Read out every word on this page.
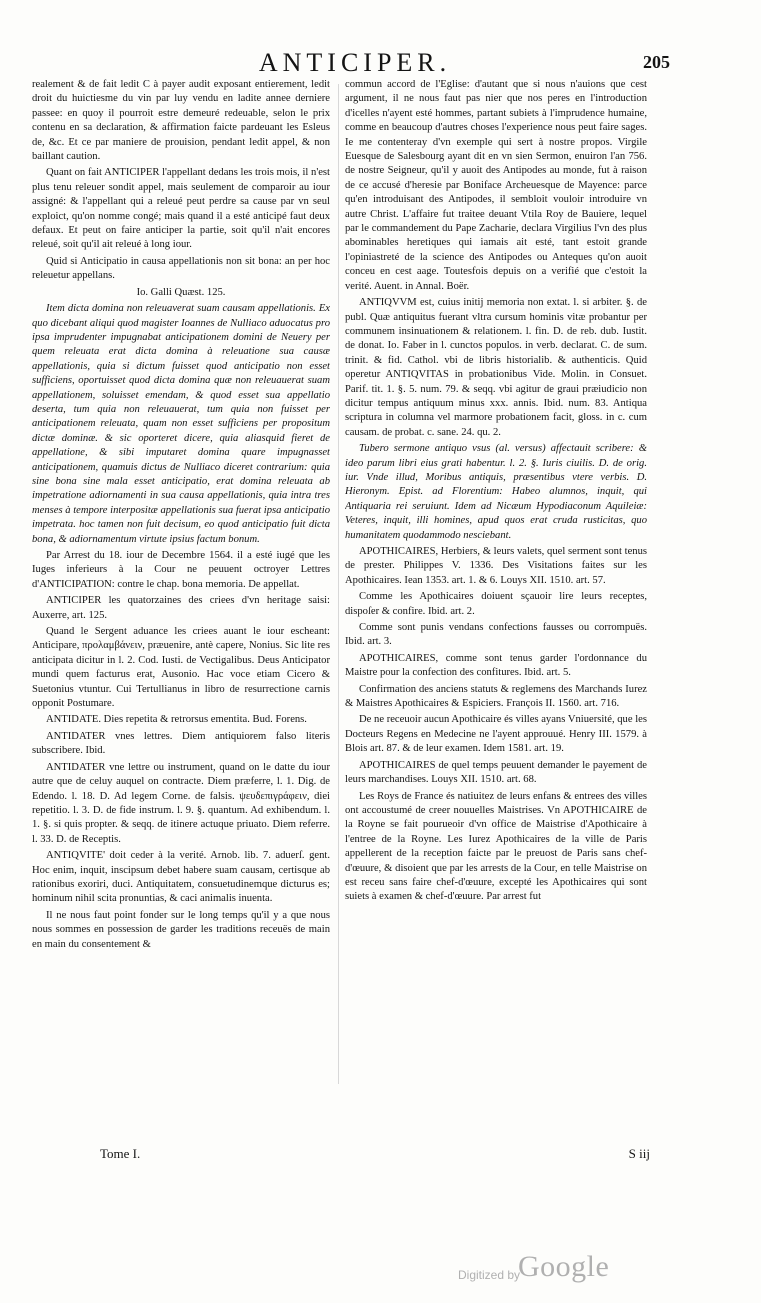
ANTICIPER.	205

realement & de fait ledit C à payer audit exposant entierement, ledit droit du huictiesme du vin par luy vendu en ladite annee derniere passee: en quoy il pourroit estre demeuré redeuable, selon le prix contenu en sa declaration, & affirmation faicte pardeuant les Esleus de, &c. Et ce par maniere de prouision, pendant ledit appel, & non baillant caution.

Quant on fait ANTICIPER l'appellant dedans les trois mois, il n'est plus tenu releuer sondit appel, mais seulement de comparoir au iour assigné: & l'appellant qui a releué peut perdre sa cause par vn seul exploict, qu'on nomme congé; mais quand il a esté anticipé faut deux defaux. Et peut on faire anticiper la partie, soit qu'il n'ait encores releué, soit qu'il ait releué à long iour.

Quid si Anticipatio in causa appellationis non sit bona: an per hoc releuetur appellans.

Io. Galli Quæst. 125.

Item dicta domina non releuaverat suam causam appellationis. Ex quo dicebant aliqui quod magister Ioannes de Nulliaco aduocatus pro ipsa imprudenter impugnabat anticipationem domini de Neuery per quem releuata erat dicta domina à releuatione sua causæ appellationis, quia si dictum fuisset quod anticipatio non esset sufficiens, oportuisset quod dicta domina quæ non releuauerat suam appellationem, soluisset emendam, & quod esset sua appellatio deserta, tum quia non releuauerat, tum quia non fuisset per anticipationem releuata, quam non esset sufficiens per propositum dictæ dominæ. & sic oporteret dicere, quia aliasquid fieret de appellatione, & sibi imputaret domina quare impugnasset anticipationem, quamuis dictus de Nulliaco diceret contrarium: quia sine bona sine mala esset anticipatio, erat domina releuata ab impetratione adiornamenti in sua causa appellationis, quia intra tres menses à tempore interpositæ appellationis sua fuerat ipsa anticipatio impetrata. hoc tamen non fuit decisum, eo quod anticipatio fuit dicta bona, & adiornamentum virtute ipsius factum bonum.

Par Arrest du 18. iour de Decembre 1564. il a esté iugé que les Iuges inferieurs à la Cour ne peuuent octroyer Lettres d'ANTICIPATION: contre le chap. bona memoria. De appellat.

ANTICIPER les quatorzaines des criees d'vn heritage saisi: Auxerre, art. 125.

Quand le Sergent aduance les criees auant le iour escheant: Anticipare, προλαμβάνειν, præuenire, antè capere, Nonius. Sic lite res anticipata dicitur in l. 2. Cod. Iusti. de Vectigalibus. Deus Anticipator mundi quem facturus erat, Ausonio. Hac voce etiam Cicero & Suetonius vtuntur. Cui Tertullianus in libro de resurrectione carnis opponit Postumare.

ANTIDATE. Dies repetita & retrorsus ementita. Bud. Forens.

ANTIDATER vnes lettres. Diem antiquiorem falso literis subscribere. Ibid.

ANTIDATER vne lettre ou instrument, quand on le datte du iour autre que de celuy auquel on contracte. Diem præferre, l. 1. Dig. de Edendo. l. 18. D. Ad legem Corne. de falsis. ψευδεπιγράφειν, diei repetitio. l. 3. D. de fide instrum. l. 9. §. quantum. Ad exhibendum. l. 1. §. si quis propter. & seqq. de itinere actuque priuato. Diem referre. l. 33. D. de Receptis.

ANTIQVITE' doit ceder à la verité. Arnob. lib. 7. aduerſ. gent. Hoc enim, inquit, inscipsum debet habere suam causam, certisque ab rationibus exoriri, duci. Antiquitatem, consuetudinemque dicturus es; hominum nihil scita pronuntias, & caci animalis inuenta.

Il ne nous faut point fonder sur le long temps qu'il y a que nous nous sommes en possession de garder les traditions receuës de main en main du consentement &

commun accord de l'Eglise: d'autant que si nous n'auions que cest argument, il ne nous faut pas nier que nos peres en l'introduction d'icelles n'ayent esté hommes, partant subiets à l'imprudence humaine, comme en beaucoup d'autres choses l'experience nous peut faire sages. Ie me contenteray d'vn exemple qui sert à nostre propos. Virgile Euesque de Salesbourg ayant dit en vn sien Sermon, enuiron l'an 756. de nostre Seigneur, qu'il y auoit des Antipodes au monde, fut à raison de ce accusé d'heresie par Boniface Archeuesque de Mayence: parce qu'en introduisant des Antipodes, il sembloit vouloir introduire vn autre Christ. L'affaire fut traitee deuant Vtila Roy de Bauiere, lequel par le commandement du Pape Zacharie, declara Virgilius l'vn des plus abominables heretiques qui iamais ait esté, tant estoit grande l'opiniastreté de la science des Antipodes ou Anteques qu'on auoit conceu en cest aage. Toutesfois depuis on a verifié que c'estoit la verité. Auent. in Annal. Boër.

ANTIQVVM est, cuius initij memoria non extat. l. si arbiter. §. de publ. Quæ antiquitus fuerant vltra cursum hominis vitæ probantur per communem insinuationem & relationem. l. fin. D. de reb. dub. Iustit. de donat. Io. Faber in l. cunctos populos. in verb. declarat. C. de sum. trinit. & fid. Cathol. vbi de libris historialib. & authenticis. Quid operetur ANTIQVITAS in probationibus Vide. Molin. in Consuet. Parif. tit. 1. §. 5. num. 79. & seqq. vbi agitur de graui præiudicio non dicitur tempus antiquum minus xxx. annis. Ibid. num. 83. Antiqua scriptura in columna vel marmore probationem facit, gloss. in c. cum causam. de probat. c. sane. 24. qu. 2.

Tubero sermone antiquo vsus (al. versus) affectauit scribere: & ideo parum libri eius grati habentur. l. 2. §. Iuris ciuilis. D. de orig. iur. Vnde illud, Moribus antiquis, præsentibus vtere verbis. D. Hieronym. Epist. ad Florentium: Habeo alumnos, inquit, qui Antiquaria rei seruiunt. Idem ad Nicæum Hypodiaconum Aquileiæ: Veteres, inquit, illi homines, apud quos erat cruda rusticitas, quo humanitatem quodammodo nesciebant.

APOTHICAIRES, Herbiers, & leurs valets, quel serment sont tenus de prester. Philippes V. 1336. Des Visitations faites sur les Apothicaires. Iean 1353. art. 1. & 6. Louys XII. 1510. art. 57.

Comme les Apothicaires doiuent sçauoir lire leurs receptes, dispoſer & confire. Ibid. art. 2.

Comme sont punis vendans confections fausses ou corrompuës. Ibid. art. 3.

APOTHICAIRES, comme sont tenus garder l'ordonnance du Maistre pour la confection des confitures. Ibid. art. 5.

Confirmation des anciens statuts & reglemens des Marchands Iurez & Maistres Apothicaires & Espiciers. François II. 1560. art. 716.

De ne receuoir aucun Apothicaire és villes ayans Vniuersité, que les Docteurs Regens en Medecine ne l'ayent approuué. Henry III. 1579. à Blois art. 87. & de leur examen. Idem 1581. art. 19.

APOTHICAIRES de quel temps peuuent demander le payement de leurs marchandises. Louys XII. 1510. art. 68.

Les Roys de France és natiuitez de leurs enfans & entrees des villes ont accoustumé de creer nouuelles Maistrises. Vn APOTHICAIRE de la Royne se fait pourueoir d'vn office de Maistrise d'Apothicaire à l'entree de la Royne. Les Iurez Apothicaires de la ville de Paris appellerent de la reception faicte par le preuost de Paris sans chef-d'œuure, & disoient que par les arrests de la Cour, en telle Maistrise on est receu sans faire chef-d'œuure, excepté les Apothicaires qui sont suiets à examen & chef-d'œuure. Par arrest fut

Tome I.	S iij
Digitized by
Google
